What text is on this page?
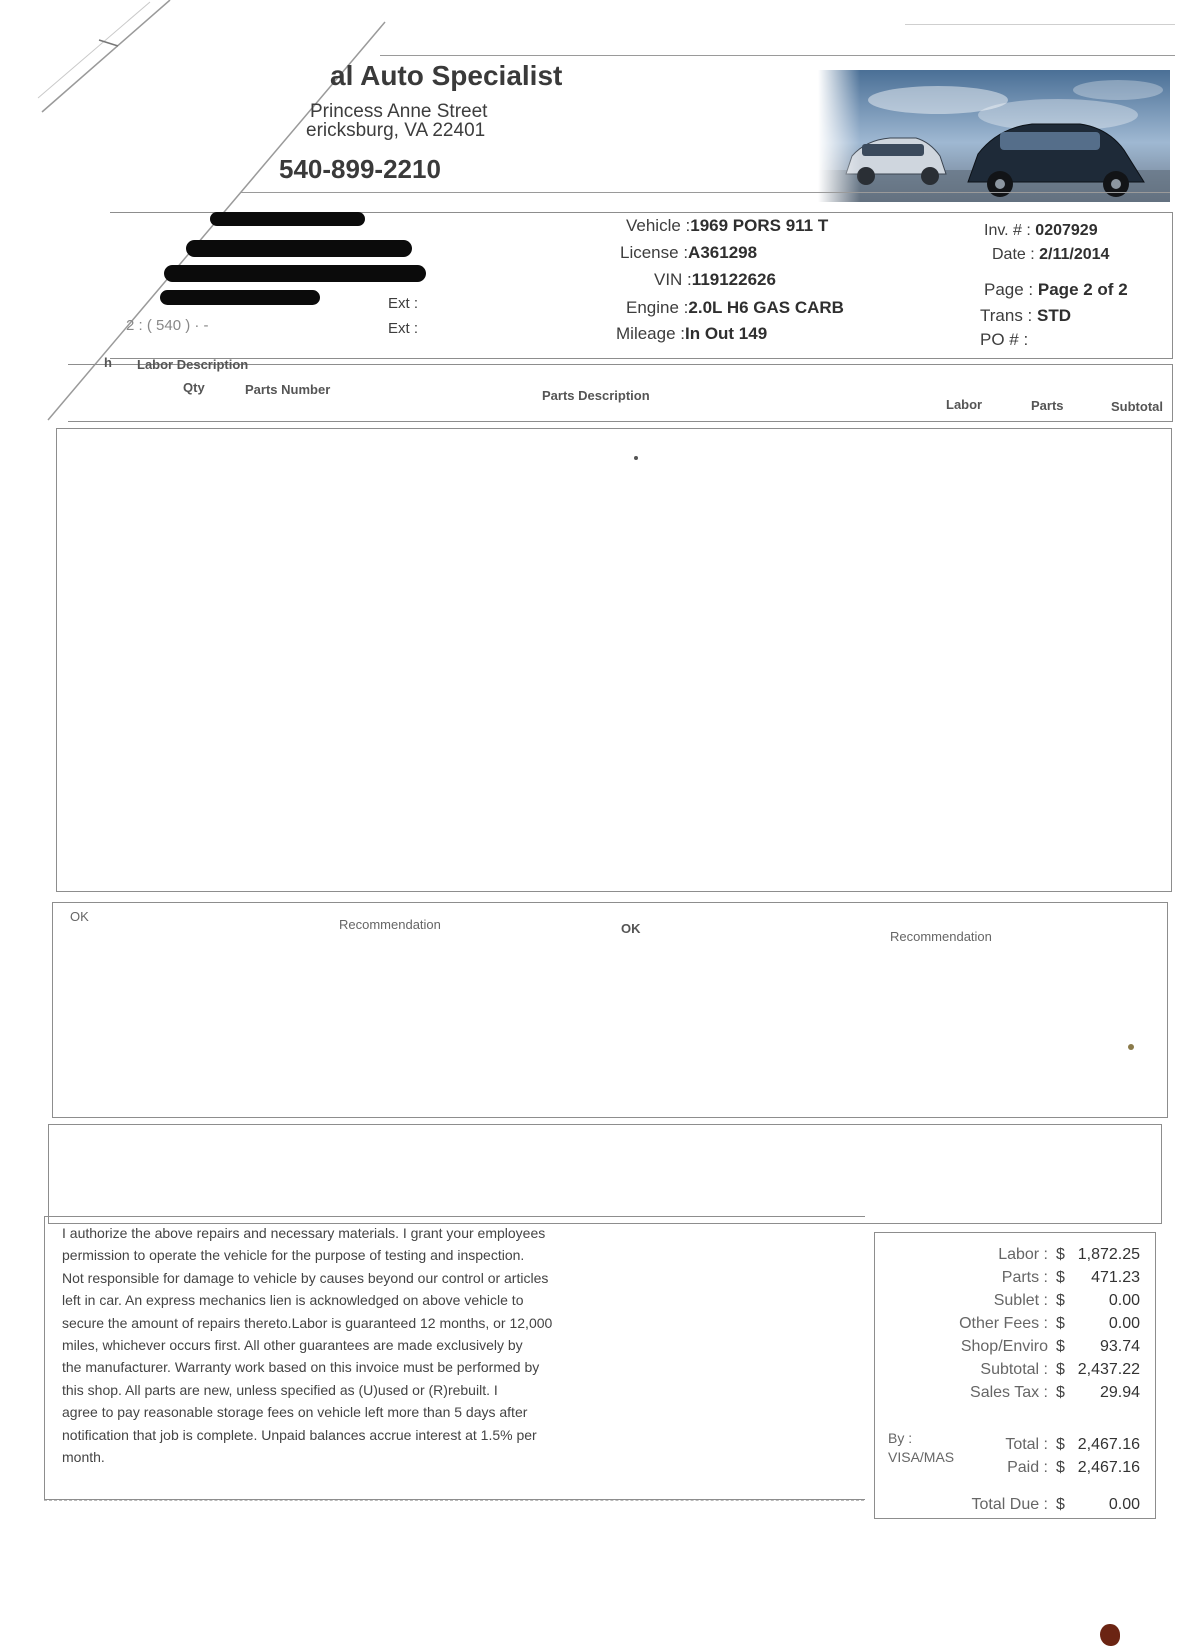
al Auto Specialist
Princess Anne Street
ericksburg, VA 22401
540-899-2210
Ext :
2 : ( 540 ) · -	Ext :
Vehicle :1969 PORS 911 T
License :A361298
VIN :119122626
Engine :2.0L H6 GAS CARB
Mileage :In Out 149
Inv. # : 0207929
Date : 2/11/2014
Page : Page 2 of 2
Trans : STD
PO # :
h Labor Description
Qty	Parts Number	Parts Description
Labor	Parts	Subtotal
OK
Recommendation	OK
Recommendation
I authorize the above repairs and necessary materials. I grant your employees
permission to operate the vehicle for the purpose of testing and inspection.
Not responsible for damage to vehicle by causes beyond our control or articles
left in car. An express mechanics lien is acknowledged on above vehicle to
secure the amount of repairs thereto.Labor is guaranteed 12 months, or 12,000
miles, whichever occurs first. All other guarantees are made exclusively by
the manufacturer. Warranty work based on this invoice must be performed by
this shop. All parts are new, unless specified as (U)used or (R)rebuilt. I
agree to pay reasonable storage fees on vehicle left more than 5 days after
notification that job is complete. Unpaid balances accrue interest at 1.5% per
month.
Labor : $ 1,872.25
Parts : $ 471.23
Sublet : $	0.00
Other Fees : $	0.00
Shop/Enviro $ 93.74
Subtotal : $ 2,437.22
Sales Tax : $ 29.94
By :
VISA/MAS
Total : $ 2,467.16
Paid : $ 2,467.16
Total Due : $	0.00
